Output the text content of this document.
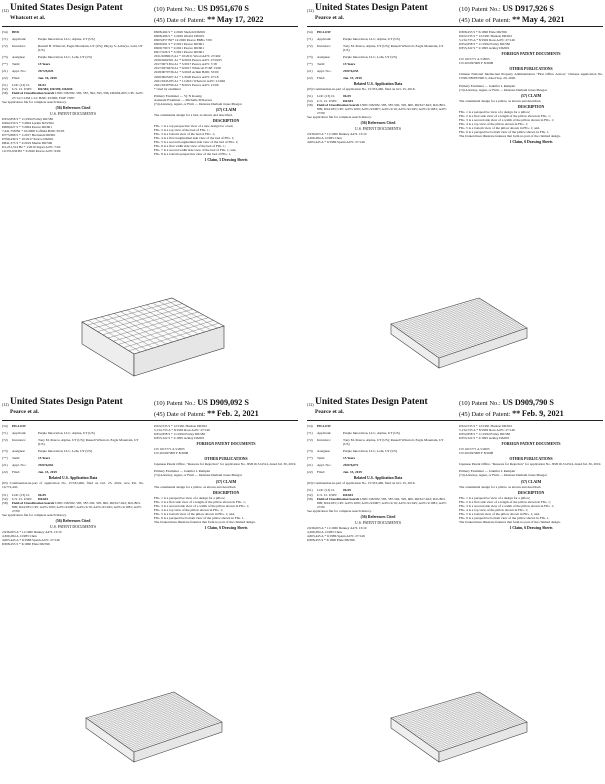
(12) United States Design Patent
Whatcott et al.
(10) Patent No.: US D951,670 S
(45) Date of Patent: ** May 17, 2022
(54)	BED
(71)	Applicant:	Purple Innovation, LLC, Alpine, UT (US)
(72)	Inventors:	Russell B. Whatcott, Eagle Mountain, UT (US); Dhyey S. Acharya, Lehi, UT (US)
(73)	Assignee:	Purple Innovation, LLC, Lehi, UT (US)
(**)	Term:	15 Years
(21)	Appl. No.:	29/725,825
(22)	Filed:	Jan. 16, 2020
(51)	LOC (13) Cl.	06-02
(52)	U.S. Cl. USPC	D6/582; D6/596; D6/600
(58)	Field of Classification Search USPC D6/582, 583, 587, 592, 595, 596, D6/604-605; CPC A47C 27/14; C12M 1/12; B29C 43/006; F16F 7/087
See application file for complete search history.
(56) References Cited
U.S. PATENT DOCUMENTS
D352,858 S * 11/1994 Farley D6/582
D494,550 S * 7/2004 Larkin D23/364
D680,627 S * 7/2004 Pearce D6/601
7,441,758 B2 * 10/2008 Coffield B29C 65/03
D775,868 S * 1/2017 Bertrandi D6/601
D799,439 S * 10/2017 Pearce D6/601
D841,375 S * 2/2019 Martin D6/596
D1,231,314 B2 * 1/2019 Zigart A47C 7/02
10,555,636 B2 * 2/2020 Pearce A47C 9/60
D908,464 S * 1/2020 Shofeld D6/601
D908,466 S * 1/2020 Obafol D6/601
D903,857 B2* 12/2020 Pearce B68G 7/00
D909,991 S * 2/2021 Pearce D6/601
D909,790 S * 2/2021 Pearce D6/601
D917,926 S * 5/2021 Pearce D6/601
2011/0209613 A1 * 10/2011 Wood A47C 27/402
2016/0262561 A1 * 9/2016 Pearce A47C 27/0225
2017/0071304 A1 * 3/2017 Pearce A47C 7/18
2017/0274679 A1 * 9/2017 Whatcott F16F 13/00
2018/0070736 A1 * 3/2018 Achim B29C 53/00
2020/0023207 A1 * 1/2020 Pearce A47C 27/18
2021/0345183 A1 * 11/2021 Whatcott A47C 21/046
2021/0330790 A1 * 8/2021 Pearce A47C 21/06
* cited by examiner
Primary Examiner — Vy N Koenig
Assistant Examiner — Michelle M Reeves
(74) Attorney, Agent, or Firm — Dentons Durham Jones Pinegar
(57) CLAIM
The ornamental design for a bed, as shown and described.
DESCRIPTION
FIG. 1 is a top perspective view of a new design for a bed;
FIG. 2 is a top view of the bed of FIG. 1;
FIG. 3 is a bottom view of the bed of FIG. 1;
FIG. 4 is a first longitudinal side view of the bed of FIG. 1;
FIG. 5 is a second longitudinal side view of the bed of FIG. 1;
FIG. 6 is a first width side view of the bed of FIG. 1;
FIG. 7 is a second width side view of the bed of FIG. 1; and,
FIG. 8 is a bottom perspective view of the bed of FIG. 1.
1 Claim, 5 Drawing Sheets
(12) United States Design Patent
Pearce et al.
(10) Patent No.: US D917,926 S
(45) Date of Patent: ** May 4, 2021
(54)	PILLOW
(71)	Applicant:	Purple Innovation, LLC, Alpine, UT (US)
(72)	Inventors:	Tony M. Pearce, Alpine, UT (US); Russell Whatcott, Eagle Mountain, UT (US)
(73)	Assignee:	Purple Innovation, LLC, Lehi, UT (US)
(**)	Term:	15 Years
(21)	Appl. No.:	29/676,055
(22)	Filed:	Jan. 15, 2019
Related U.S. Application Data
(63) Continuation-in-part of application No. 15/333,466, filed on Oct. 25, 2016.
(51)	LOC (13) Cl.	06-09
(52)	U.S. Cl. USPC	D6/601
(58)	Field of Classification Search USPC D6/582, 583, 587-592, 595, 600, D6/617-622; D21/803-809; D24/183; CPC A47G 9/00; A47G 9/0007; A47G 9/10; A47G 9/1045; A47G 9/1081; A47C 27/00
See application file for complete search history.
(56) References Cited
U.S. PATENT DOCUMENTS
2,936,003 A * 11/1960 Dunney A47L 13/10
4,369,284 A 1/1983 Chen
4,603,445 A * 9/1986 Spann A47C 27/146
D308,453 S * 6/1990 Elsie D6/596
D322,533 S * 12/1991 Hudson D6/601
5,134,735 A * 8/1992 Ross A47C 27/146
D352,858 S * 11/1994 Farley D6/582
D355,322 S * 2/1995 Ackley D6/601
FOREIGN PATENT DOCUMENTS
CN 1615771 A 5/2005
CN 201097008 Y 8/2008
OTHER PUBLICATIONS
Chinese National Intellectual Property Administration "First Office Action," Chinese Application No. CN201780035590.3, dated Sep. 29, 2020.
Primary Examiner — Jennifer L Rempler
(74) Attorney, Agent, or Firm — Dentons Durham Jones Pinegar
(57) CLAIM
The ornamental design for a pillow, as shown and described.
DESCRIPTION
FIG. 1 is a perspective view of a design for a pillow;
FIG. 2 is a first side view of a length of the pillow shown in FIG. 1;
FIG. 3 is a second side view of a width of the pillow shown in FIG. 1;
FIG. 4 is a top view of the pillow shown in FIG. 1;
FIG. 5 is a bottom view of the pillow shown in FIG. 1; and,
FIG. 6 is a perspective bottom view of the pillow shown in FIG. 1.
The broken lines illustrate features that form no part of the claimed design.
1 Claim, 6 Drawing Sheets
(12) United States Design Patent
Pearce et al.
(10) Patent No.: US D909,092 S
(45) Date of Patent: ** Feb. 2, 2021
(54)	PILLOW
(71)	Applicant:	Purple Innovation, LLC, Alpine, UT (US)
(72)	Inventors:	Tony M. Pearce, Alpine, UT (US); Russell Whatcott, Eagle Mountain, UT (US)
(73)	Assignee:	Purple Innovation, LLC, Lehi, UT (US)
(**)	Term:	15 Years
(21)	Appl. No.:	29/676,062
(22)	Filed:	Jan. 15, 2019
Related U.S. Application Data
(63) Continuation-in-part of application No. 15/333,466, filed on Oct. 25, 2016, now Pat. No. 10,772,445.
(51)	LOC (13) Cl.	06-09
(52)	U.S. Cl. USPC	D6/601
(58)	Field of Classification Search USPC D6/582, 583, 587-592, 595, 600, D6/617-622; D21/803-809; D24/183; CPC A47G 9/00; A47G 9/0007; A47G 9/10; A47G 9/1045; A47G 9/1081; A47C 27/00
See application file for complete search history.
(56) References Cited
U.S. PATENT DOCUMENTS
2,936,003 A * 11/1960 Dunney A47L 13/10
4,369,284 A 1/1983 Chen
4,603,445 A * 9/1986 Spann A47C 27/146
D308,453 S * 6/1990 Elsie D6/596
D322,533 S * 12/1991 Hudson D6/601
5,134,735 A * 8/1992 Ross A47C 27/146
D352,858 S * 11/1994 Farley D6/582
D355,322 S * 2/1995 Ackley D6/601
FOREIGN PATENT DOCUMENTS
CN 1615771 A 5/2005
CN 201097008 Y 8/2008
OTHER PUBLICATIONS
Japanese Patent Office, "Reasons for Rejection" for application No. JP2019-514314, dated Jul. 30, 2019.
Primary Examiner — Jennifer L Rempler
(74) Attorney, Agent, or Firm — Dentons Durham Jones Pinegar
(57) CLAIM
The ornamental design for a pillow, as shown and described.
DESCRIPTION
FIG. 1 is a perspective view of a design for a pillow;
FIG. 2 is a first side view of a length of the pillow shown in FIG. 1;
FIG. 3 is a second side view of a width of the pillow shown in FIG. 1;
FIG. 4 is a top view of the pillow shown in FIG. 1;
FIG. 5 is a bottom view of the pillow shown in FIG. 1; and,
FIG. 6 is a perspective bottom view of the pillow shown in FIG. 1.
The broken lines illustrate features that form no part of the claimed design.
1 Claim, 6 Drawing Sheets
(12) United States Design Patent
Pearce et al.
(10) Patent No.: US D909,790 S
(45) Date of Patent: ** Feb. 9, 2021
(54)	PILLOW
(71)	Applicant:	Purple Innovation, LLC, Alpine, UT (US)
(72)	Inventors:	Tony M. Pearce, Alpine, UT (US); Russell Whatcott, Eagle Mountain, UT (US)
(73)	Assignee:	Purple Innovation, LLC, Lehi, UT (US)
(**)	Term:	15 Years
(21)	Appl. No.:	29/676,872
(22)	Filed:	Jan. 15, 2019
Related U.S. Application Data
(63) Continuation-in-part of application No. 15/333,466, filed on Oct. 25, 2016.
(51)	LOC (13) Cl.	06-09
(52)	U.S. Cl. USPC	D6/601
(58)	Field of Classification Search USPC D6/582, 583, 587-592, 595, 600, D6/617-622; D21/803-809; D24/183; CPC A47G 9/00; A47G 9/0007; A47G 9/10; A47G 9/1045; A47G 9/1081; A47C 27/00
See application file for complete search history.
(56) References Cited
U.S. PATENT DOCUMENTS
2,936,003 A * 11/1960 Dunney A47L 13/10
4,369,284 A 1/1983 Chen
4,603,445 A * 9/1986 Spann A47C 27/146
D308,453 S * 6/1990 Elsie D6/596
D322,533 S * 12/1991 Hudson D6/601
5,134,735 A * 8/1992 Ross A47C 27/146
D352,858 S * 11/1994 Farley D6/582
D355,322 S * 2/1995 Ackley D6/601
FOREIGN PATENT DOCUMENTS
CN 1615771 A 5/2005
CN 201097008 Y 8/2008
OTHER PUBLICATIONS
Japanese Patent Office, "Reasons for Rejection" for application No. JP2019-514314, dated Jul. 30, 2019.
Primary Examiner — Jennifer L Rempler
(74) Attorney, Agent, or Firm — Dentons Durham Jones Pinegar
(57) CLAIM
The ornamental design for a pillow, as shown and described.
DESCRIPTION
FIG. 1 is a perspective view of a design for a pillow;
FIG. 2 is a first side view of a length of the pillow shown in FIG. 1;
FIG. 3 is a second side view of a width of the pillow shown in FIG. 1;
FIG. 4 is a top view of the pillow shown in FIG. 1;
FIG. 5 is a bottom view of the pillow shown in FIG. 1; and,
FIG. 6 is a perspective bottom view of the pillow shown in FIG. 1.
The broken lines illustrate features that form no part of the claimed design.
1 Claim, 6 Drawing Sheets
